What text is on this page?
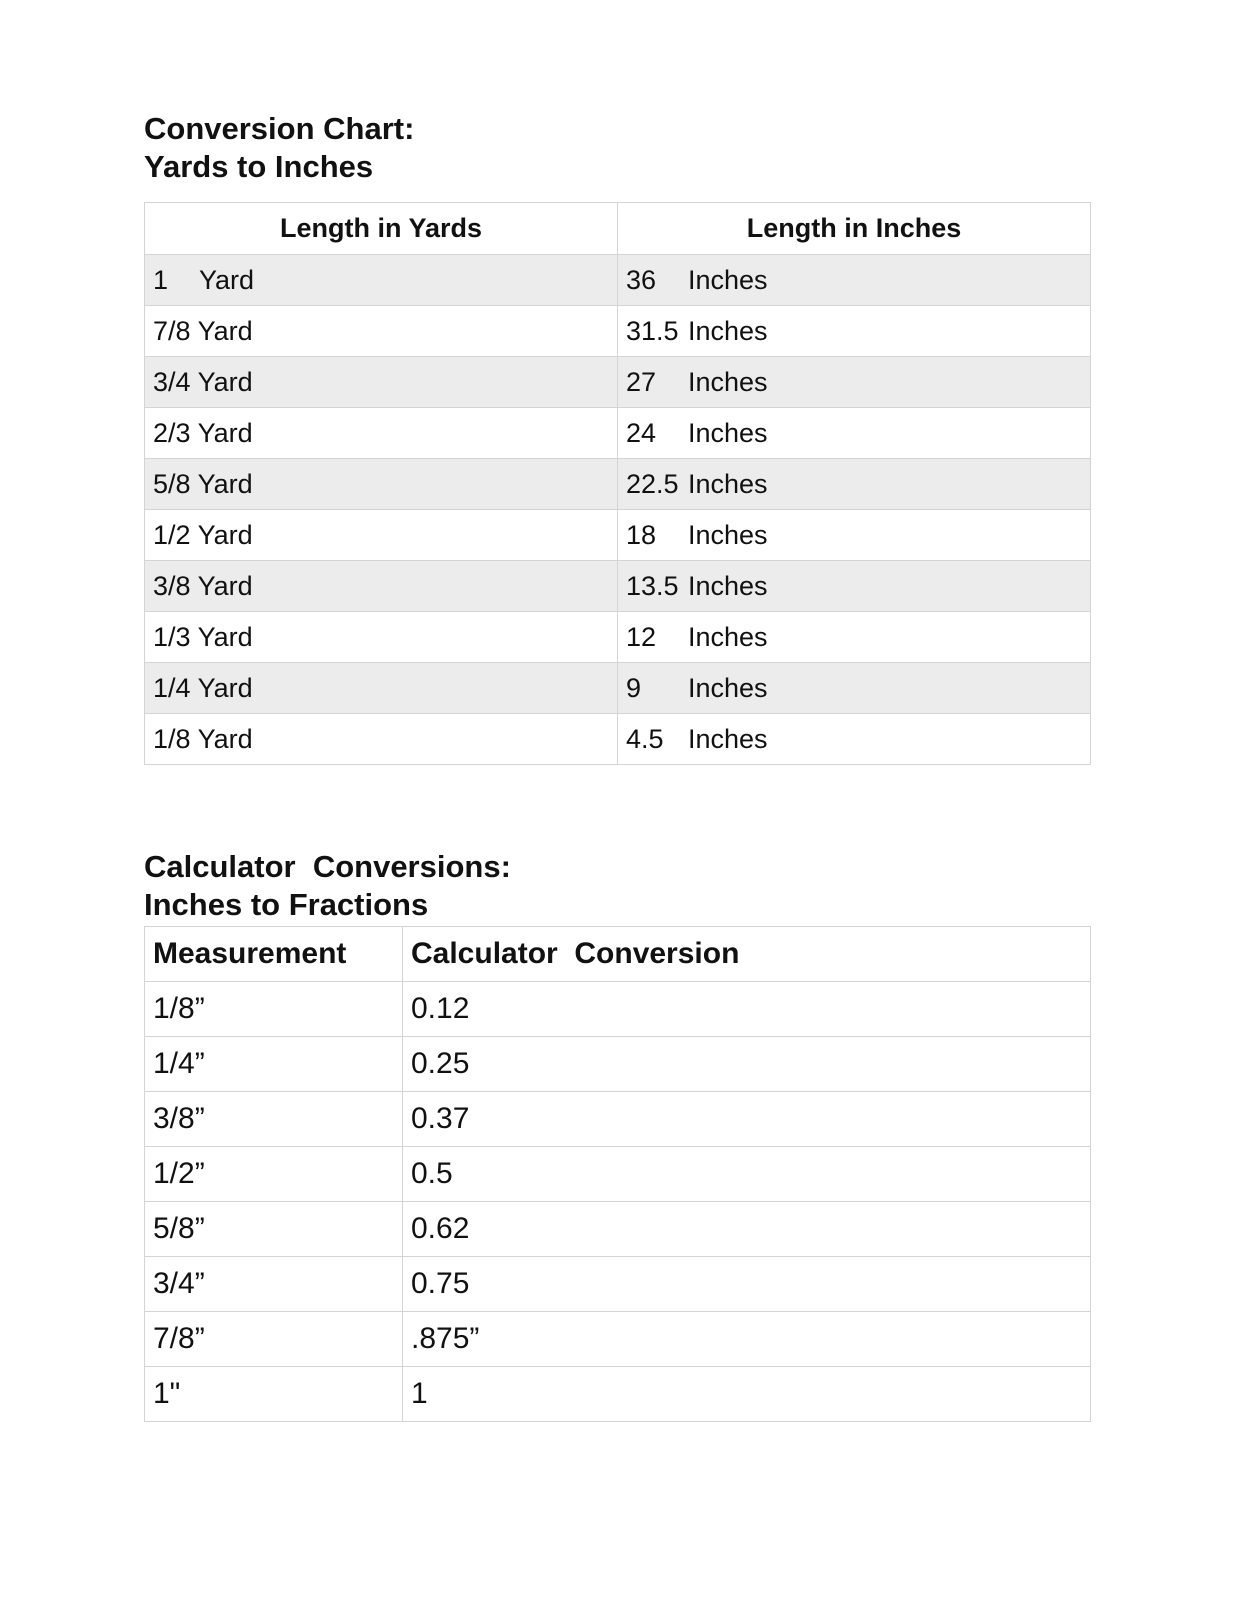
Conversion Chart:
Yards to Inches
Length in Yards	Length in Inches
1 Yard	36 Inches
7/8 Yard	31.5 Inches
3/4 Yard	27 Inches
2/3 Yard	24 Inches
5/8 Yard	22.5 Inches
1/2 Yard	18 Inches
3/8 Yard	13.5 Inches
1/3 Yard	12 Inches
1/4 Yard	9 Inches
1/8 Yard	4.5 Inches
Calculator  Conversions:
Inches to Fractions
Measurement	Calculator  Conversion
1/8”	0.12
1/4”	0.25
3/8”	0.37
1/2”	0.5
5/8”	0.62
3/4”	0.75
7/8”	.875”
1"	1
